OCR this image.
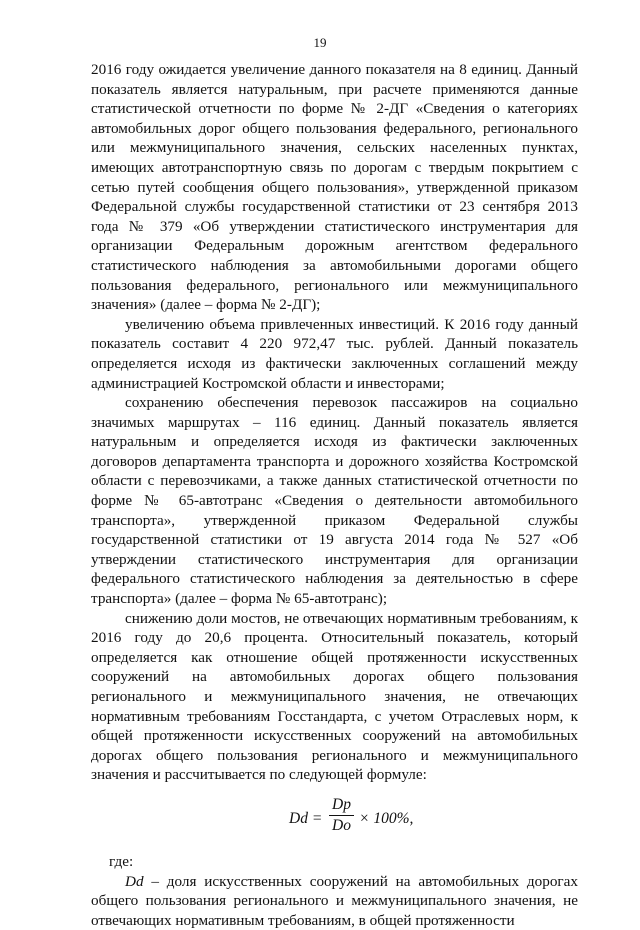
19

2016 году ожидается увеличение данного показателя на 8 единиц. Данный показатель является натуральным, при расчете применяются данные статистической отчетности по форме № 2-ДГ «Сведения о категориях автомобильных дорог общего пользования федерального, регионального или межмуниципального значения, сельских населенных пунктах, имеющих автотранспортную связь по дорогам с твердым покрытием с сетью путей сообщения общего пользования», утвержденной приказом Федеральной службы государственной статистики от 23 сентября 2013 года № 379 «Об утверждении статистического инструментария для организации Федеральным дорожным агентством федерального статистического наблюдения за автомобильными дорогами общего пользования федерального, регионального или межмуниципального значения» (далее – форма № 2-ДГ);

увеличению объема привлеченных инвестиций. К 2016 году данный показатель составит 4 220 972,47 тыс. рублей. Данный показатель определяется исходя из фактически заключенных соглашений между администрацией Костромской области и инвесторами;

сохранению обеспечения перевозок пассажиров на социально значимых маршрутах – 116 единиц. Данный показатель является натуральным и определяется исходя из фактически заключенных договоров департамента транспорта и дорожного хозяйства Костромской области с перевозчиками, а также данных статистической отчетности по форме № 65-автотранс «Сведения о деятельности автомобильного транспорта», утвержденной приказом Федеральной службы государственной статистики от 19 августа 2014 года № 527 «Об утверждении статистического инструментария для организации федерального статистического наблюдения за деятельностью в сфере транспорта» (далее – форма № 65-автотранс);

снижению доли мостов, не отвечающих нормативным требованиям, к 2016 году до 20,6 процента. Относительный показатель, который определяется как отношение общей протяженности искусственных сооружений на автомобильных дорогах общего пользования регионального и межмуниципального значения, не отвечающих нормативным требованиям Госстандарта, с учетом Отраслевых норм, к общей протяженности искусственных сооружений на автомобильных дорогах общего пользования регионального и межмуниципального значения и рассчитывается по следующей формуле:

$Dd = \frac{Dp}{Do} \times 100\%$,

где:

Dd – доля искусственных сооружений на автомобильных дорогах общего пользования регионального и межмуниципального значения, не отвечающих нормативным требованиям, в общей протяженности
